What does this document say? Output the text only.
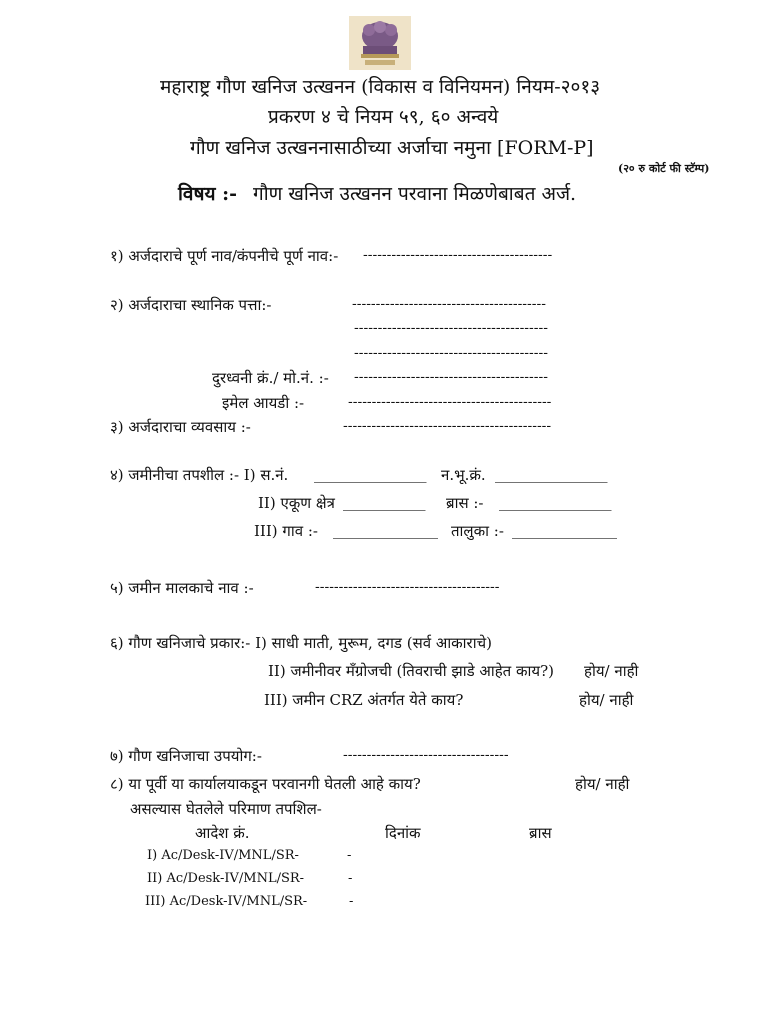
महाराष्ट्र गौण खनिज उत्खनन (विकास व विनियमन) नियम-२०१३
प्रकरण ४ चे नियम ५९, ६० अन्वये
गौण खनिज उत्खननासाठीच्या अर्जाचा नमुना [FORM-P]
(२० रु कोर्ट फी स्टॅम्प)
विषय :- गौण खनिज उत्खनन परवाना मिळणेबाबत अर्ज.
१) अर्जदाराचे पूर्ण नाव/कंपनीचे पूर्ण नाव:- ----------------------------------------
२) अर्जदाराचा स्थानिक पत्ता:-	-----------------------------------------
-----------------------------------------
-----------------------------------------
दुरध्वनी क्रं./ मो.नं. :- -----------------------------------------
इमेल आयडी :-	-------------------------------------------
३) अर्जदाराचा व्यवसाय :-	--------------------------------------------
४) जमीनीचा तपशील :- I) स.नं. _______________ न.भू.क्रं. _______________
II) एकूण क्षेत्र ___________ ब्रास :- _______________
III) गाव :- ______________ तालुका :- ______________
५) जमीन मालकाचे नाव :-	---------------------------------------
६) गौण खनिजाचे प्रकार:- I) साधी माती, मुरूम, दगड (सर्व आकाराचे)
II) जमीनीवर मॅंग्रोजची (तिवराची झाडे आहेत काय?) होय/ नाही
III) जमीन CRZ अंतर्गत येते काय?	होय/ नाही
७) गौण खनिजाचा उपयोग:-	-----------------------------------
८) या पूर्वी या कार्यालयाकडून परवानगी घेतली आहे काय?	होय/ नाही
असल्यास घेतलेले परिमाण तपशिल-
आदेश क्रं.	दिनांक	ब्रास
I) Ac/Desk-IV/MNL/SR-	-
II) Ac/Desk-IV/MNL/SR-	-
III) Ac/Desk-IV/MNL/SR-	-
